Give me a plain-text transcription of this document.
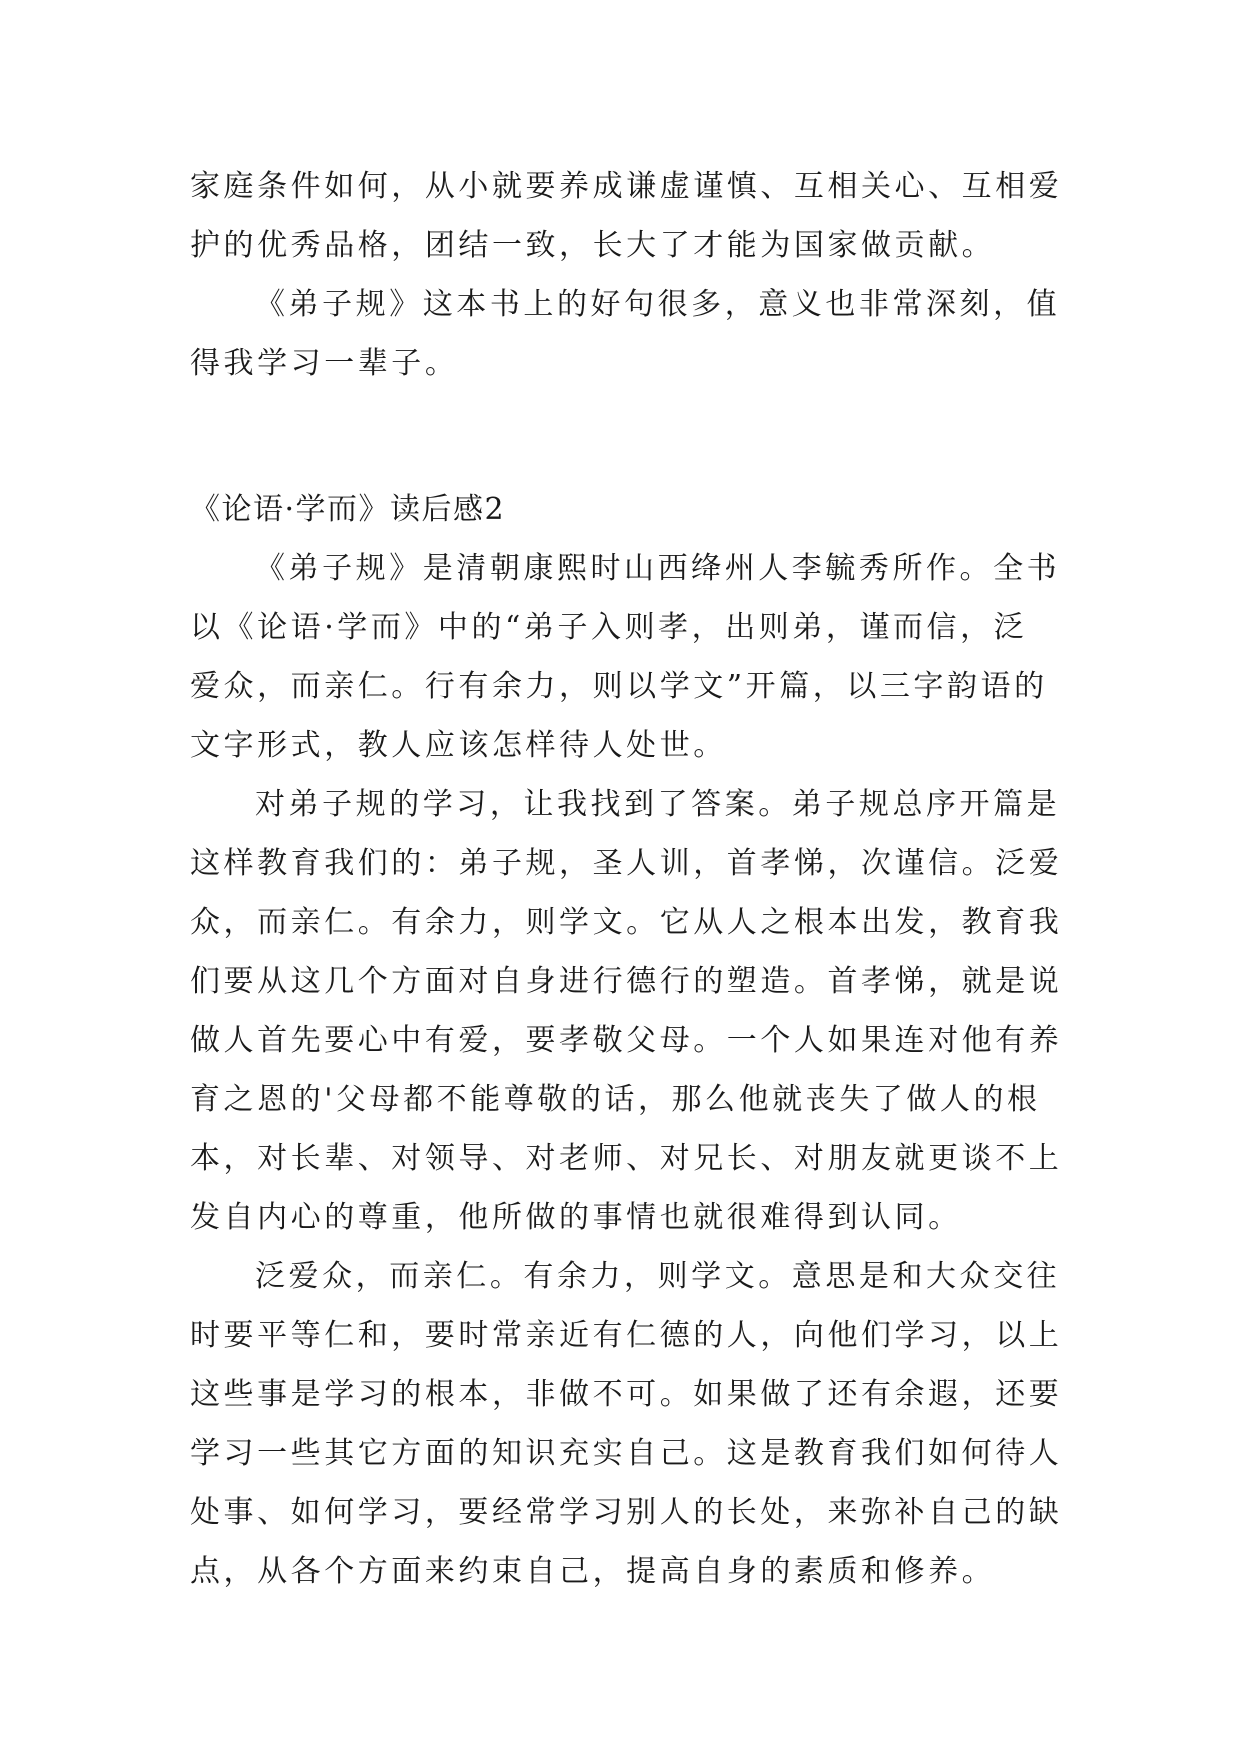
家庭条件如何，从小就要养成谦虚谨慎、互相关心、互相爱
护的优秀品格，团结一致，长大了才能为国家做贡献。
《弟子规》这本书上的好句很多，意义也非常深刻，值
得我学习一辈子。
《论语·学而》读后感2
《弟子规》是清朝康熙时山西绛州人李毓秀所作。全书
以《论语·学而》中的“弟子入则孝，出则弟，谨而信，泛
爱众，而亲仁。行有余力，则以学文”开篇，以三字韵语的
文字形式，教人应该怎样待人处世。
对弟子规的学习，让我找到了答案。弟子规总序开篇是
这样教育我们的：弟子规，圣人训，首孝悌，次谨信。泛爱
众，而亲仁。有余力，则学文。它从人之根本出发，教育我
们要从这几个方面对自身进行德行的塑造。首孝悌，就是说
做人首先要心中有爱，要孝敬父母。一个人如果连对他有养
育之恩的'父母都不能尊敬的话，那么他就丧失了做人的根
本，对长辈、对领导、对老师、对兄长、对朋友就更谈不上
发自内心的尊重，他所做的事情也就很难得到认同。
泛爱众，而亲仁。有余力，则学文。意思是和大众交往
时要平等仁和，要时常亲近有仁德的人，向他们学习，以上
这些事是学习的根本，非做不可。如果做了还有余遐，还要
学习一些其它方面的知识充实自己。这是教育我们如何待人
处事、如何学习，要经常学习别人的长处，来弥补自己的缺
点，从各个方面来约束自己，提高自身的素质和修养。
